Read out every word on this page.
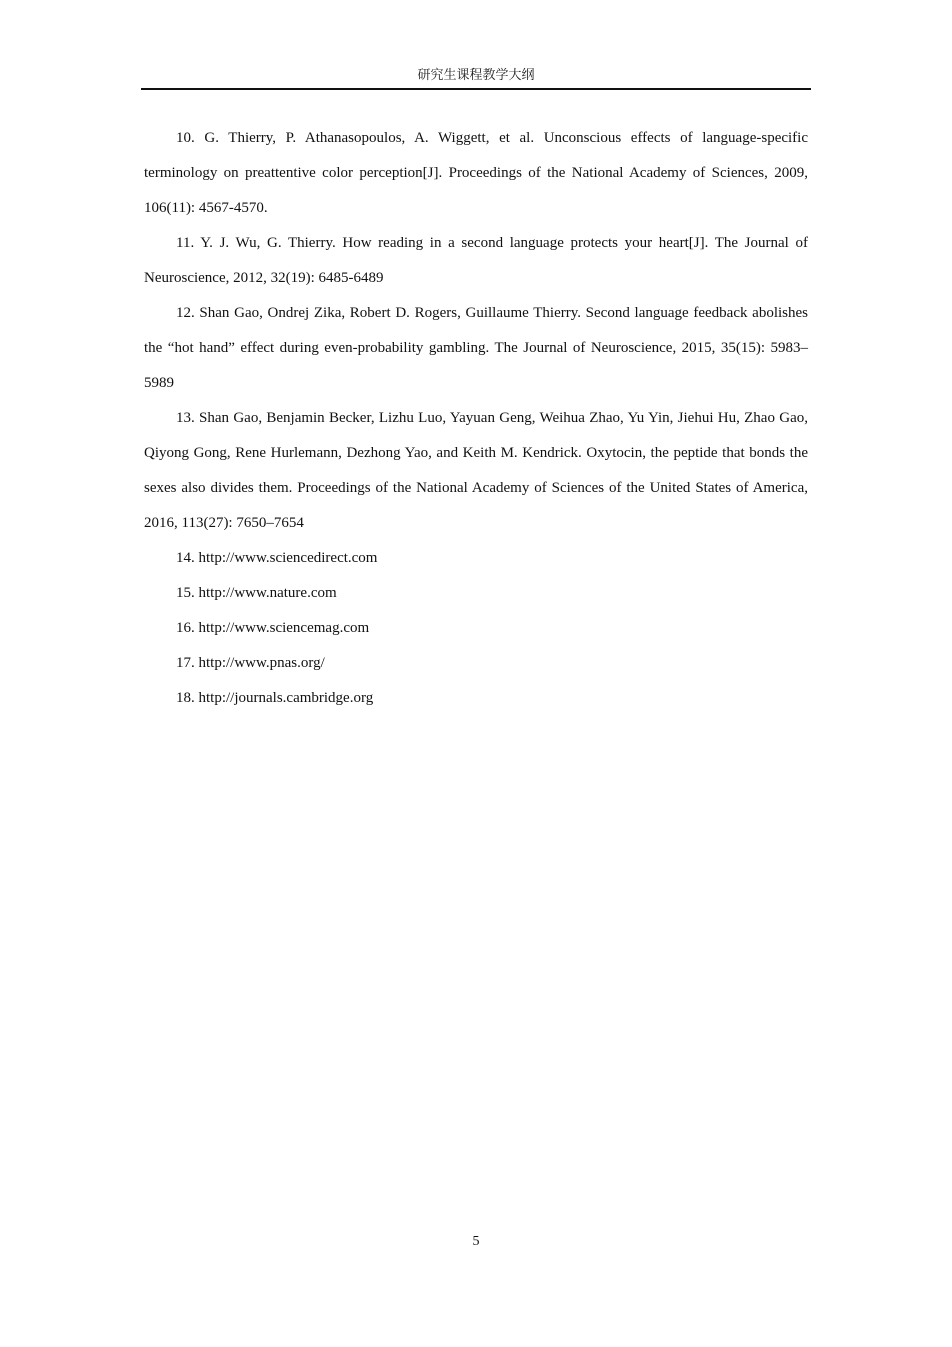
研究生课程教学大纲
10. G. Thierry, P. Athanasopoulos, A. Wiggett, et al. Unconscious effects of language-specific terminology on preattentive color perception[J]. Proceedings of the National Academy of Sciences, 2009, 106(11): 4567-4570.
11. Y. J. Wu, G. Thierry. How reading in a second language protects your heart[J]. The Journal of Neuroscience, 2012, 32(19): 6485-6489
12. Shan Gao, Ondrej Zika, Robert D. Rogers, Guillaume Thierry. Second language feedback abolishes the “hot hand” effect during even-probability gambling. The Journal of Neuroscience, 2015, 35(15): 5983–5989
13. Shan Gao, Benjamin Becker, Lizhu Luo, Yayuan Geng, Weihua Zhao, Yu Yin, Jiehui Hu, Zhao Gao, Qiyong Gong, Rene Hurlemann, Dezhong Yao, and Keith M. Kendrick. Oxytocin, the peptide that bonds the sexes also divides them. Proceedings of the National Academy of Sciences of the United States of America, 2016, 113(27): 7650–7654
14. http://www.sciencedirect.com
15. http://www.nature.com
16. http://www.sciencemag.com
17. http://www.pnas.org/
18. http://journals.cambridge.org
5
